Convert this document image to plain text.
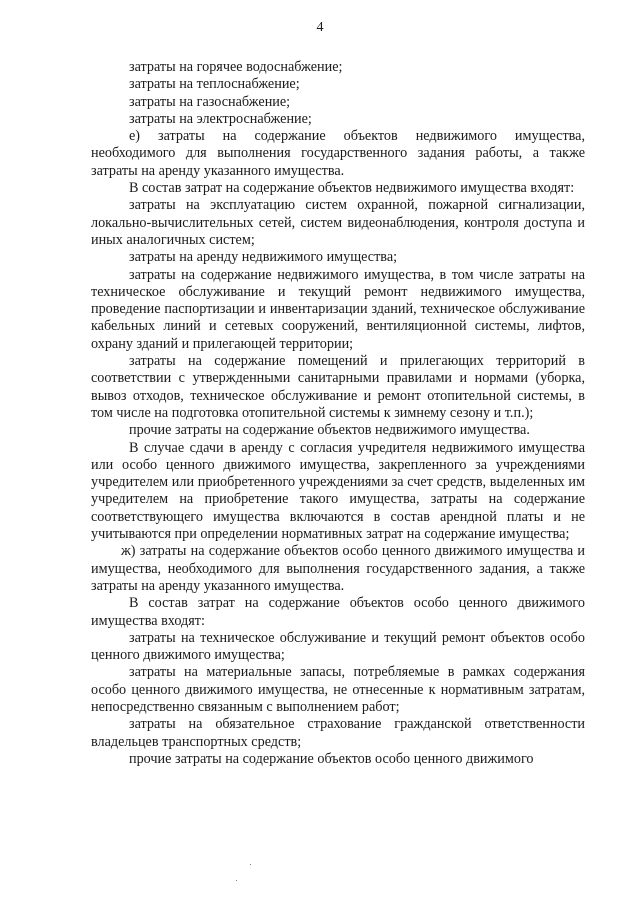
4

затраты на горячее водоснабжение;

затраты на теплоснабжение;

затраты на газоснабжение;

затраты на электроснабжение;

е) затраты на содержание объектов недвижимого имущества, необходимого для выполнения государственного задания работы, а также затраты на аренду указанного имущества.

В состав затрат на содержание объектов недвижимого имущества входят:

затраты на эксплуатацию систем охранной, пожарной сигнализации, локально-вычислительных сетей, систем видеонаблюдения, контроля доступа и иных аналогичных систем;

затраты на аренду недвижимого имущества;

затраты на содержание недвижимого имущества, в том числе затраты на техническое обслуживание и текущий ремонт недвижимого имущества, проведение паспортизации и инвентаризации зданий, техническое обслуживание кабельных линий и сетевых сооружений, вентиляционной системы, лифтов, охрану зданий и прилегающей территории;

затраты на содержание помещений и прилегающих территорий в соответствии с утвержденными санитарными правилами и нормами (уборка, вывоз отходов, техническое обслуживание и ремонт отопительной системы, в том числе на подготовка отопительной системы к зимнему сезону и т.п.);

прочие затраты на содержание объектов недвижимого имущества.

В случае сдачи в аренду с согласия учредителя недвижимого имущества или особо ценного движимого имущества, закрепленного за учреждениями учредителем или приобретенного учреждениями за счет средств, выделенных им учредителем на приобретение такого имущества, затраты на содержание соответствующего имущества включаются в состав арендной платы и не учитываются при определении нормативных затрат на содержание имущества;

ж) затраты на содержание объектов особо ценного движимого имущества и имущества, необходимого для выполнения государственного задания, а также затраты на аренду указанного имущества.

В состав затрат на содержание объектов особо ценного движимого имущества входят:

затраты на техническое обслуживание и текущий ремонт объектов особо ценного движимого имущества;

затраты на материальные запасы, потребляемые в рамках содержания особо ценного движимого имущества, не отнесенные к нормативным затратам, непосредственно связанным с выполнением работ;

затраты на обязательное страхование гражданской ответственности владельцев транспортных средств;

прочие затраты на содержание объектов особо ценного движимого
